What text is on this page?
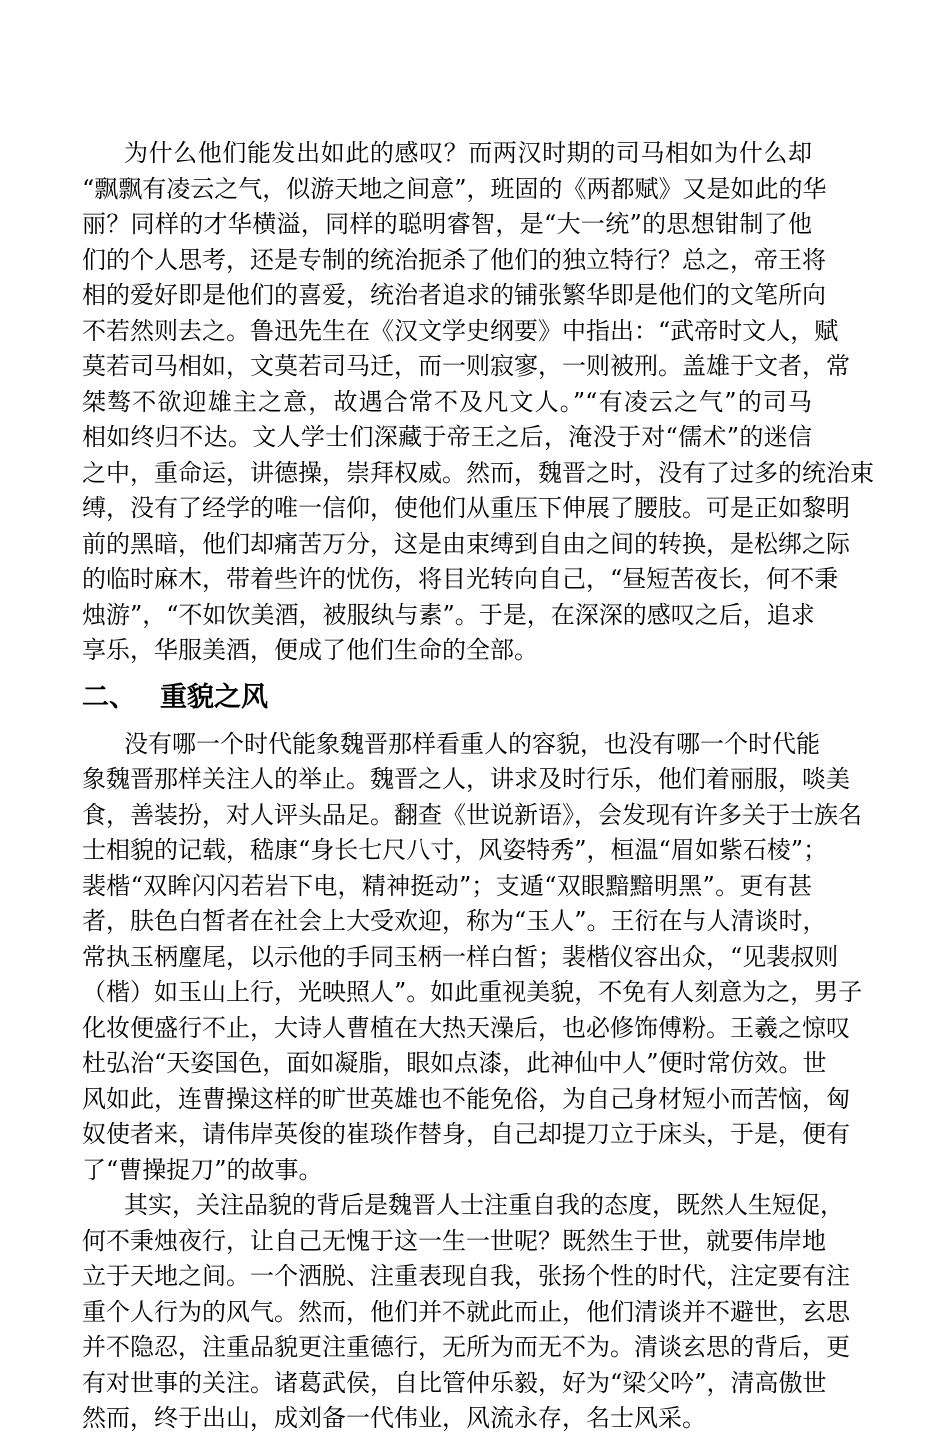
为什么他们能发出如此的感叹？而两汉时期的司马相如为什么却
“飘飘有凌云之气，似游天地之间意”，班固的《两都赋》又是如此的华
丽？同样的才华横溢，同样的聪明睿智，是“大一统”的思想钳制了他
们的个人思考，还是专制的统治扼杀了他们的独立特行？总之，帝王将
相的爱好即是他们的喜爱，统治者追求的铺张繁华即是他们的文笔所向
不若然则去之。鲁迅先生在《汉文学史纲要》中指出：“武帝时文人，赋
莫若司马相如，文莫若司马迁，而一则寂寥，一则被刑。盖雄于文者，常
桀骜不欲迎雄主之意，故遇合常不及凡文人。”“有凌云之气”的司马
相如终归不达。文人学士们深藏于帝王之后，淹没于对“儒术”的迷信
之中，重命运，讲德操，崇拜权威。然而，魏晋之时，没有了过多的统治束
缚，没有了经学的唯一信仰，使他们从重压下伸展了腰肢。可是正如黎明
前的黑暗，他们却痛苦万分，这是由束缚到自由之间的转换，是松绑之际
的临时麻木，带着些许的忧伤，将目光转向自己，“昼短苦夜长，何不秉
烛游”，“不如饮美酒，被服纨与素”。于是，在深深的感叹之后，追求
享乐，华服美酒，便成了他们生命的全部。
二、 重貌之风
没有哪一个时代能象魏晋那样看重人的容貌，也没有哪一个时代能
象魏晋那样关注人的举止。魏晋之人，讲求及时行乐，他们着丽服，啖美
食，善装扮，对人评头品足。翻查《世说新语》，会发现有许多关于士族名
士相貌的记载，嵇康“身长七尺八寸，风姿特秀”，桓温“眉如紫石棱”；
裴楷“双眸闪闪若岩下电，精神挺动”；支遁“双眼黯黯明黑”。更有甚
者，肤色白皙者在社会上大受欢迎，称为“玉人”。王衍在与人清谈时，
常执玉柄麈尾，以示他的手同玉柄一样白皙；裴楷仪容出众，“见裴叔则
（楷）如玉山上行，光映照人”。如此重视美貌，不免有人刻意为之，男子
化妆便盛行不止，大诗人曹植在大热天澡后，也必修饰傅粉。王羲之惊叹
杜弘治“天姿国色，面如凝脂，眼如点漆，此神仙中人”便时常仿效。世
风如此，连曹操这样的旷世英雄也不能免俗，为自己身材短小而苦恼，匈
奴使者来，请伟岸英俊的崔琰作替身，自己却提刀立于床头，于是，便有
了“曹操捉刀”的故事。
其实，关注品貌的背后是魏晋人士注重自我的态度，既然人生短促，
何不秉烛夜行，让自己无愧于这一生一世呢？既然生于世，就要伟岸地
立于天地之间。一个洒脱、注重表现自我，张扬个性的时代，注定要有注
重个人行为的风气。然而，他们并不就此而止，他们清谈并不避世，玄思
并不隐忍，注重品貌更注重德行，无所为而无不为。清谈玄思的背后，更
有对世事的关注。诸葛武侯，自比管仲乐毅，好为“梁父吟”，清高傲世
然而，终于出山，成刘备一代伟业，风流永存，名士风采。
